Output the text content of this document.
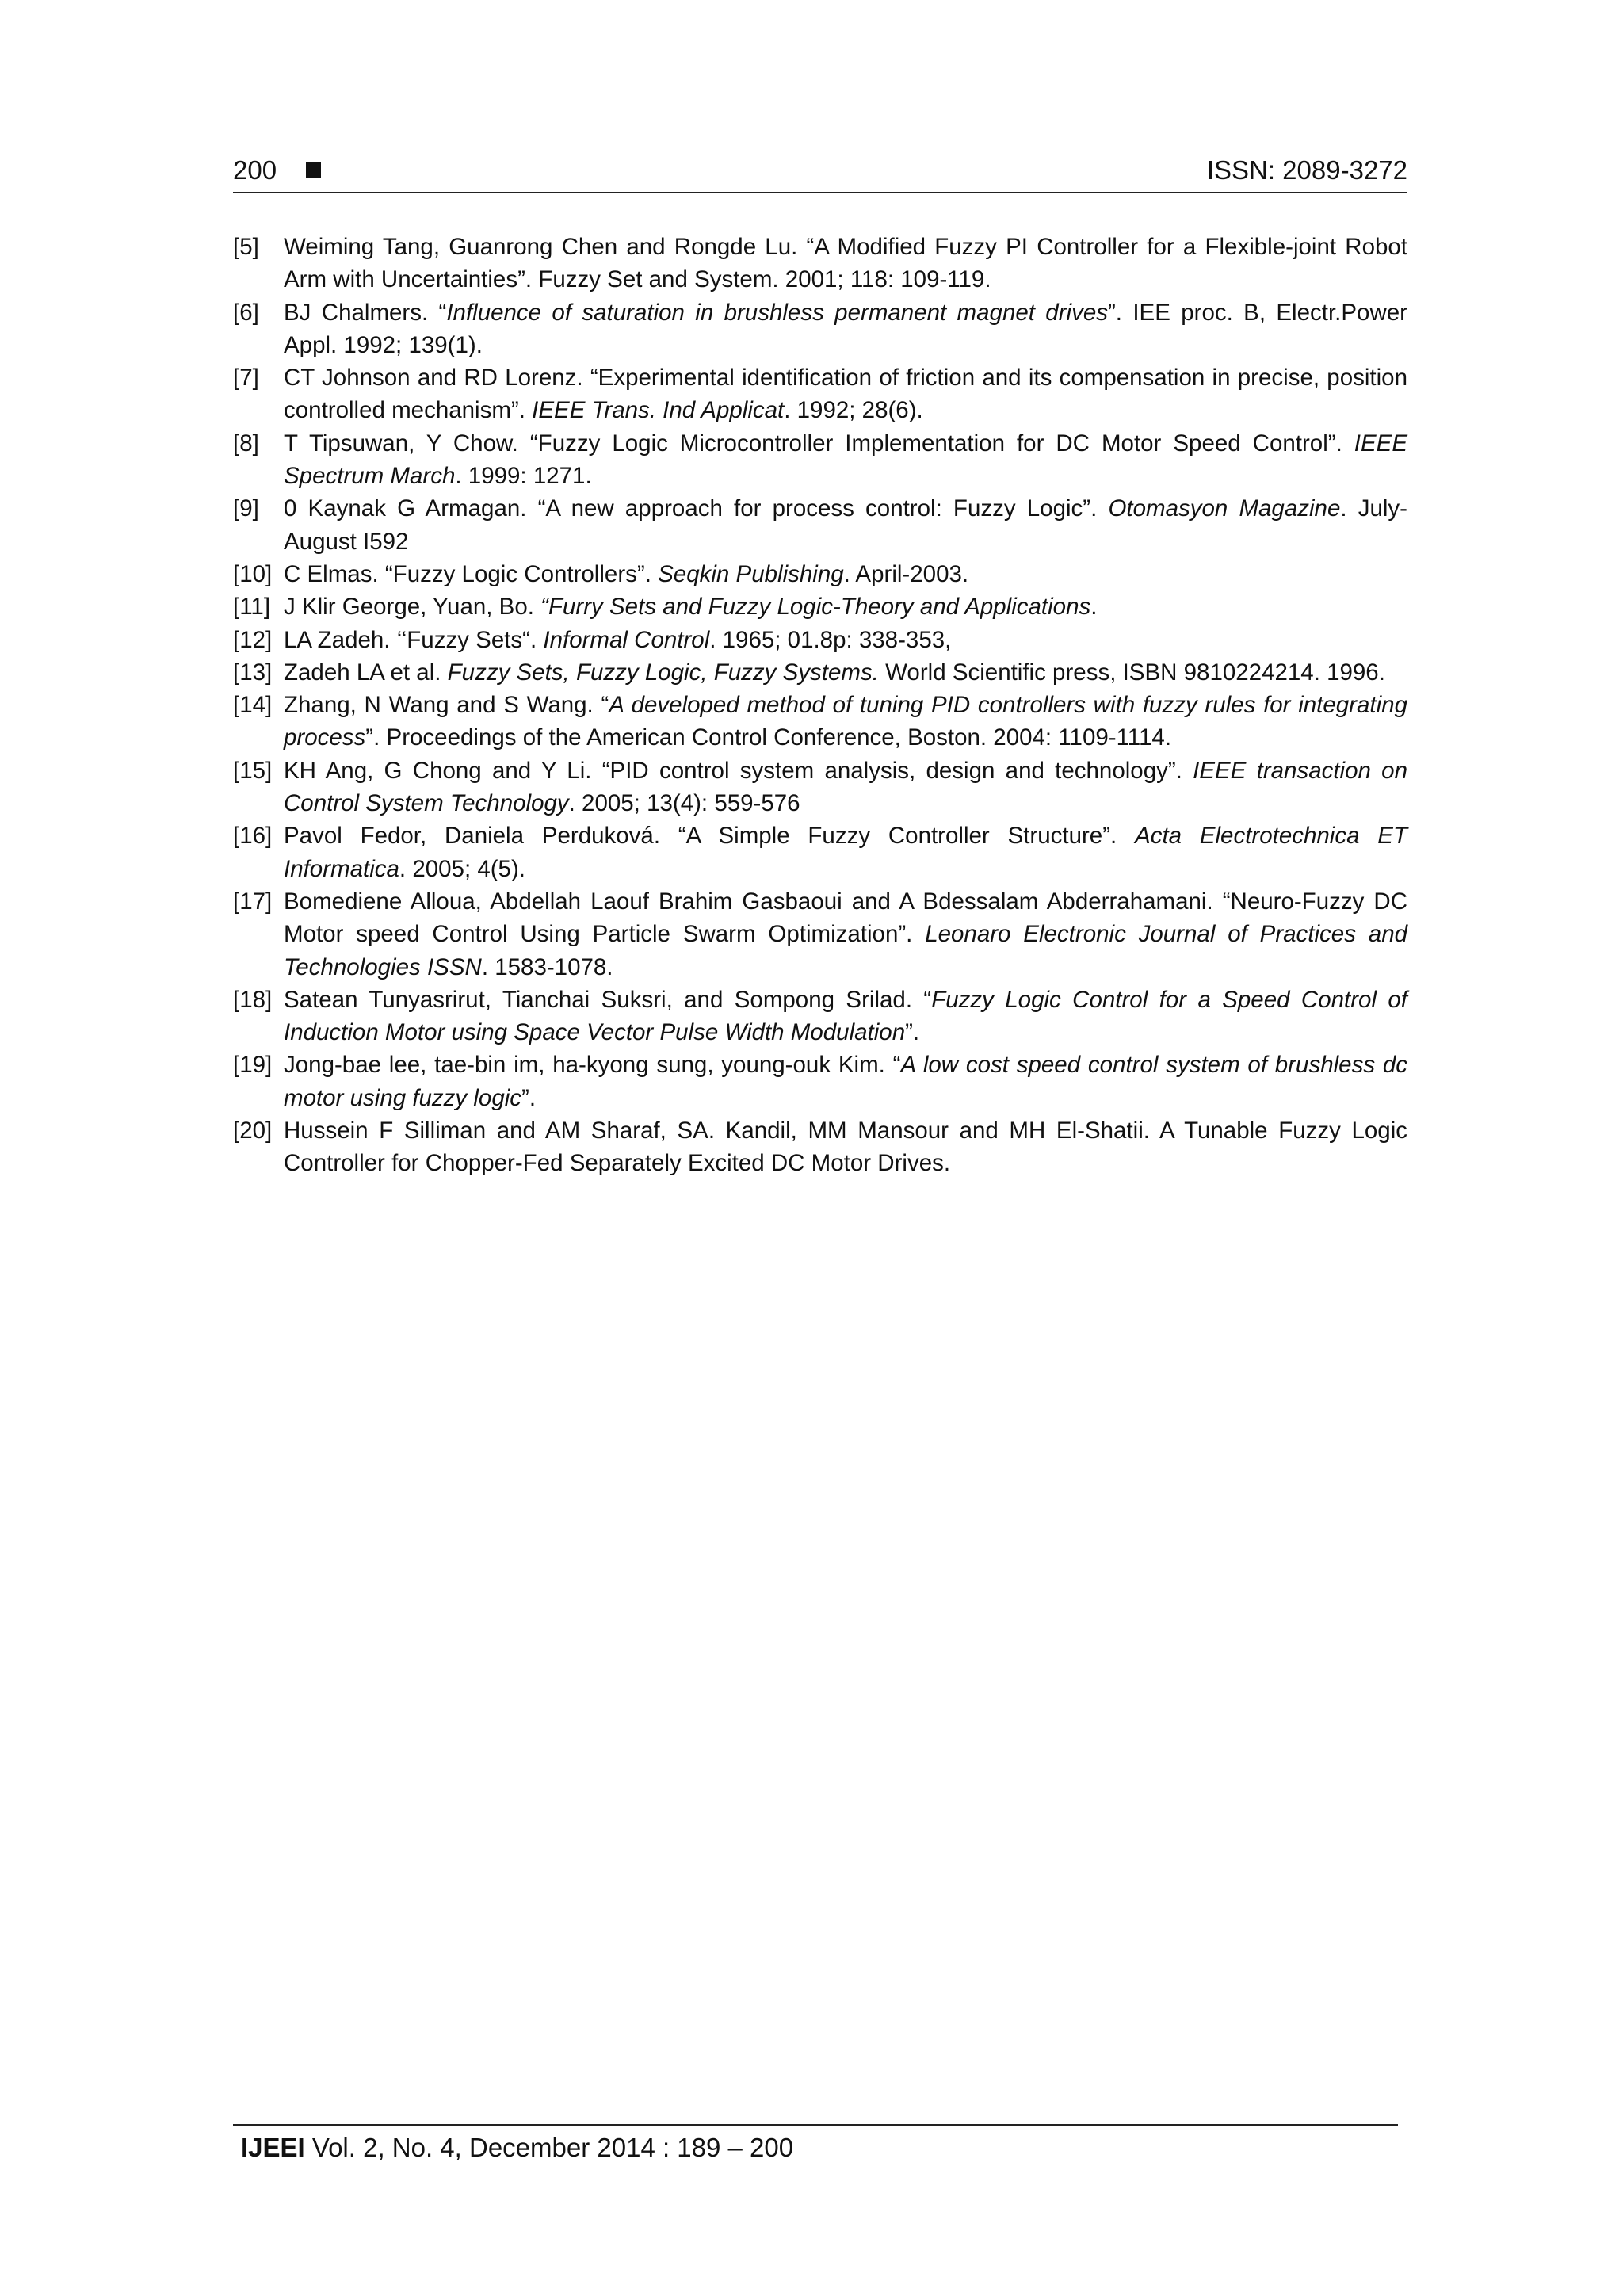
200	ISSN: 2089-3272
[5] Weiming Tang, Guanrong Chen and Rongde Lu. “A Modified Fuzzy PI Controller for a Flexible-joint Robot Arm with Uncertainties”. Fuzzy Set and System. 2001; 118: 109-119.
[6] BJ Chalmers. “Influence of saturation in brushless permanent magnet drives”. IEE proc. B, Electr.Power Appl. 1992; 139(1).
[7] CT Johnson and RD Lorenz. “Experimental identification of friction and its compensation in precise, position controlled mechanism”. IEEE Trans. Ind Applicat. 1992; 28(6).
[8] T Tipsuwan, Y Chow. “Fuzzy Logic Microcontroller Implementation for DC Motor Speed Control”. IEEE Spectrum March. 1999: 1271.
[9] 0 Kaynak G Armagan. “A new approach for process control: Fuzzy Logic”. Otomasyon Magazine. July-August I592
[10] C Elmas. “Fuzzy Logic Controllers”. Seqkin Publishing. April-2003.
[11] J Klir George, Yuan, Bo. “Furry Sets and Fuzzy Logic-Theory and Applications.
[12] LA Zadeh. ‘‘Fuzzy Sets“. Informal Control. 1965; 01.8p: 338-353,
[13] Zadeh LA et al. Fuzzy Sets, Fuzzy Logic, Fuzzy Systems. World Scientific press, ISBN 9810224214. 1996.
[14] Zhang, N Wang and S Wang. “A developed method of tuning PID controllers with fuzzy rules for integrating process”. Proceedings of the American Control Conference, Boston. 2004: 1109-1114.
[15] KH Ang, G Chong and Y Li. “PID control system analysis, design and technology”. IEEE transaction on Control System Technology. 2005; 13(4): 559-576
[16] Pavol Fedor, Daniela Perduková. “A Simple Fuzzy Controller Structure”. Acta Electrotechnica ET Informatica. 2005; 4(5).
[17] Bomediene Alloua, Abdellah Laouf Brahim Gasbaoui and A Bdessalam Abderrahamani. “Neuro-Fuzzy DC Motor speed Control Using Particle Swarm Optimization”. Leonaro Electronic Journal of Practices and Technologies ISSN. 1583-1078.
[18] Satean Tunyasrirut, Tianchai Suksri, and Sompong Srilad. “Fuzzy Logic Control for a Speed Control of Induction Motor using Space Vector Pulse Width Modulation”.
[19] Jong-bae lee, tae-bin im, ha-kyong sung, young-ouk Kim. “A low cost speed control system of brushless dc motor using fuzzy logic”.
[20] Hussein F Silliman and AM Sharaf, SA. Kandil, MM Mansour and MH El-Shatii. A Tunable Fuzzy Logic Controller for Chopper-Fed Separately Excited DC Motor Drives.
IJEEI Vol. 2, No. 4, December 2014 : 189 – 200
